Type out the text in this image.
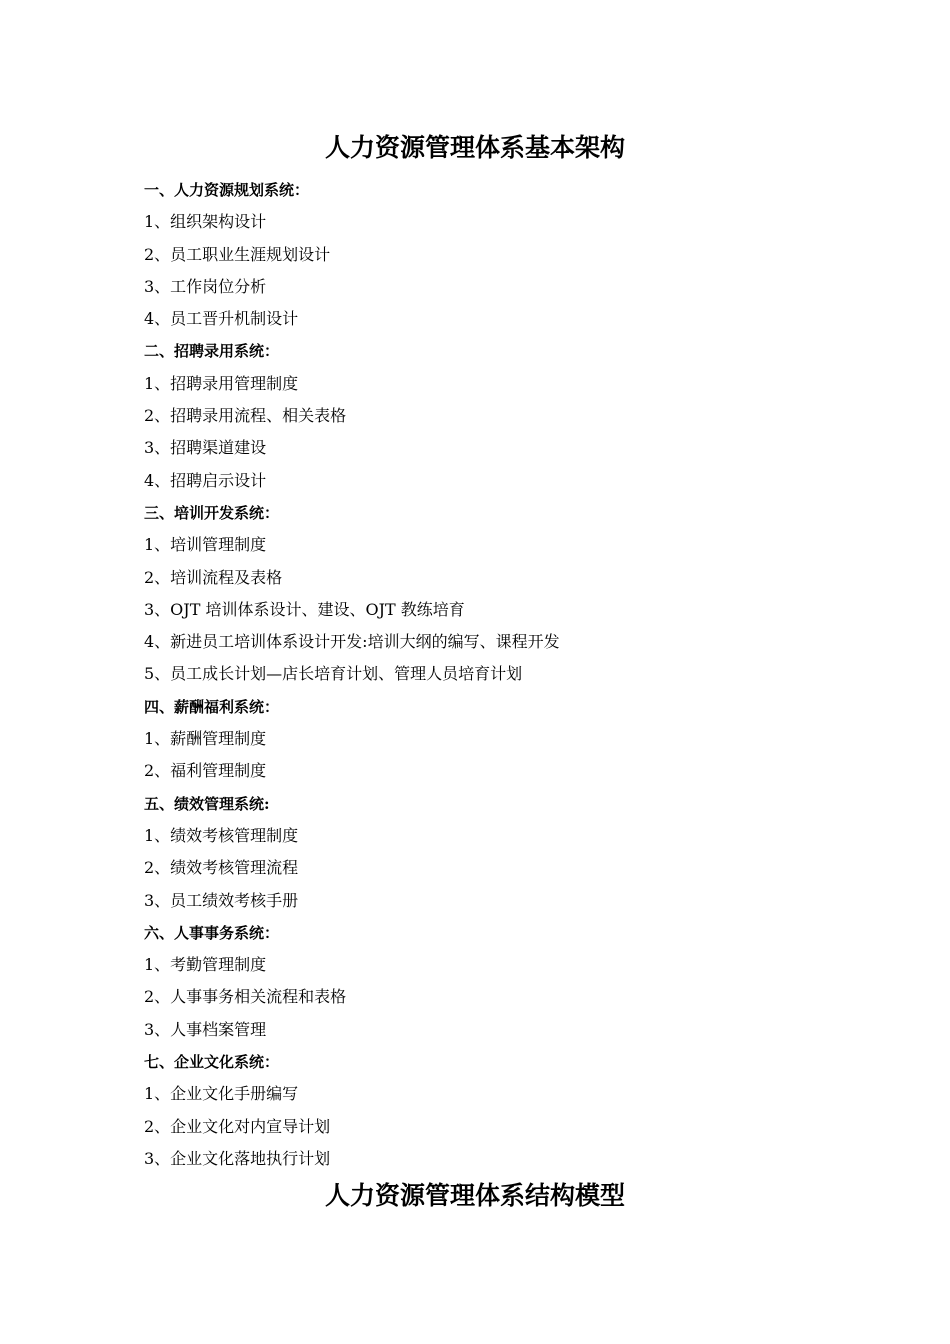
人力资源管理体系基本架构
一、人力资源规划系统：
1、组织架构设计
2、员工职业生涯规划设计
3、工作岗位分析
4、员工晋升机制设计
二、招聘录用系统：
1、招聘录用管理制度
2、招聘录用流程、相关表格
3、招聘渠道建设
4、招聘启示设计
三、培训开发系统：
1、培训管理制度
2、培训流程及表格
3、OJT 培训体系设计、建设、OJT 教练培育
4、新进员工培训体系设计开发:培训大纲的编写、课程开发
5、员工成长计划—店长培育计划、管理人员培育计划
四、薪酬福利系统：
1、薪酬管理制度
2、福利管理制度
五、绩效管理系统:
1、绩效考核管理制度
2、绩效考核管理流程
3、员工绩效考核手册
六、人事事务系统：
1、考勤管理制度
2、人事事务相关流程和表格
3、人事档案管理
七、企业文化系统：
1、企业文化手册编写
2、企业文化对内宣导计划
3、企业文化落地执行计划
人力资源管理体系结构模型
